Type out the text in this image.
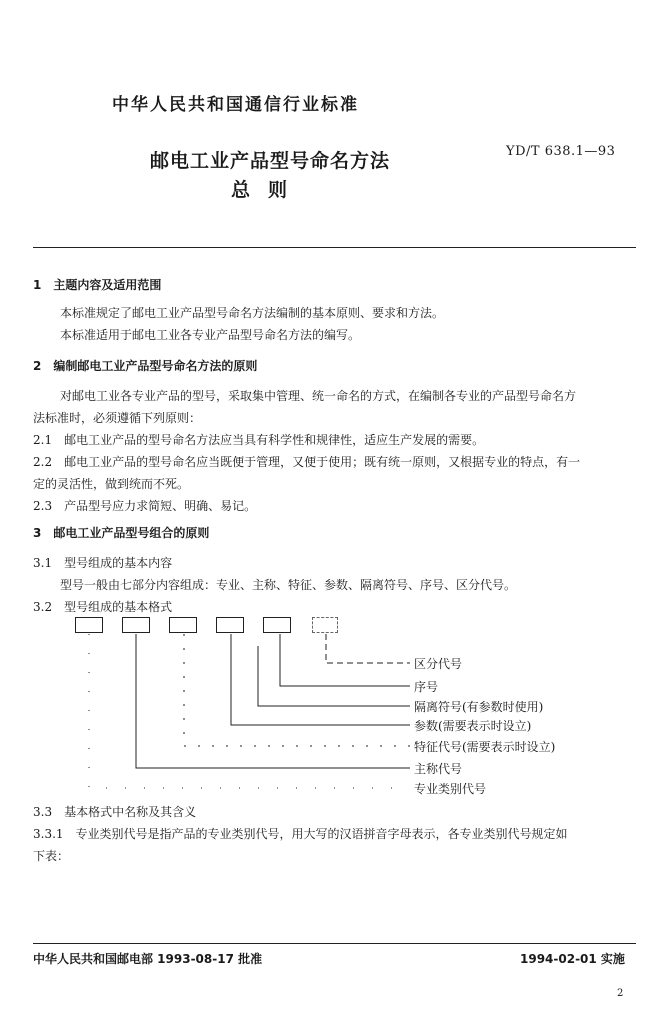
中华人民共和国通信行业标准
邮电工业产品型号命名方法
总则
YD/T 638.1—93
1　主题内容及适用范围
本标准规定了邮电工业产品型号命名方法编制的基本原则、要求和方法。
本标准适用于邮电工业各专业产品型号命名方法的编写。
2　编制邮电工业产品型号命名方法的原则
对邮电工业各专业产品的型号，采取集中管理、统一命名的方式，在编制各专业的产品型号命名方
法标准时，必须遵循下列原则：
2.1　邮电工业产品的型号命名方法应当具有科学性和规律性，适应生产发展的需要。
2.2　邮电工业产品的型号命名应当既便于管理，又便于使用；既有统一原则，又根据专业的特点，有一
定的灵活性，做到统而不死。
2.3　产品型号应力求简短、明确、易记。
3　邮电工业产品型号组合的原则
3.1　型号组成的基本内容
型号一般由七部分内容组成：专业、主称、特征、参数、隔离符号、序号、区分代号。
3.2　型号组成的基本格式
区分代号
序号
隔离符号(有参数时使用)
参数(需要表示时设立)
特征代号(需要表示时设立)
主称代号
专业类别代号
3.3　基本格式中名称及其含义
3.3.1　专业类别代号是指产品的专业类别代号，用大写的汉语拼音字母表示，各专业类别代号规定如
下表：
中华人民共和国邮电部 1993-08-17 批准	1994-02-01 实施
2
